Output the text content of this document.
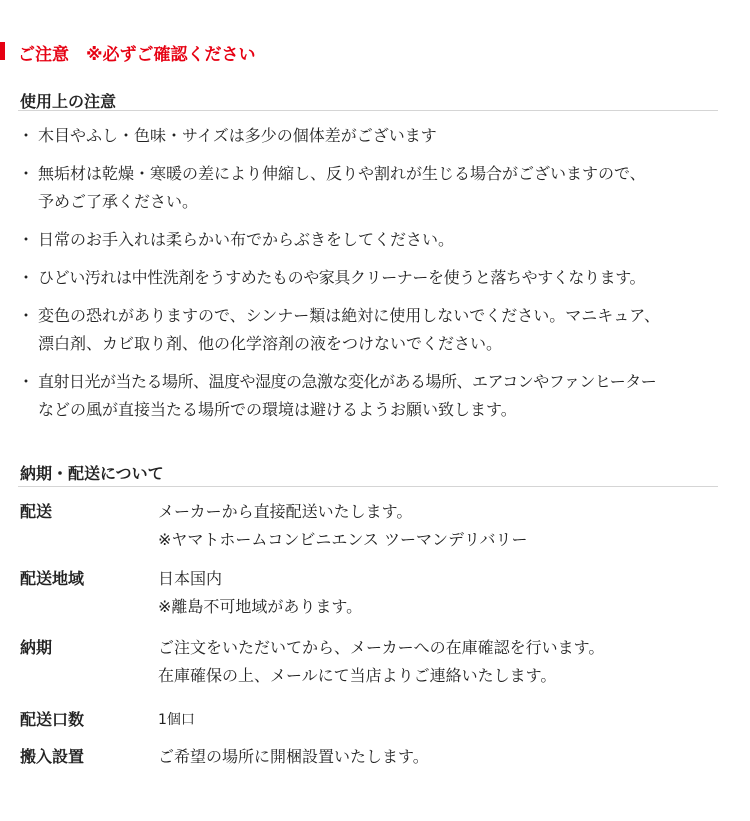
ご注意　※必ずご確認ください
使用上の注意
・ 木目やふし・色味・サイズは多少の個体差がございます
・ 無垢材は乾燥・寒暖の差により伸縮し、反りや割れが生じる場合がございますので、
予めご了承ください。
・ 日常のお手入れは柔らかい布でからぶきをしてください。
・ ひどい汚れは中性洗剤をうすめたものや家具クリーナーを使うと落ちやすくなります。
・ 変色の恐れがありますので、シンナー類は絶対に使用しないでください。マニキュア、
漂白剤、カビ取り剤、他の化学溶剤の液をつけないでください。
・ 直射日光が当たる場所、温度や湿度の急激な変化がある場所、エアコンやファンヒーター
などの風が直接当たる場所での環境は避けるようお願い致します。
納期・配送について
配送	メーカーから直接配送いたします。
※ヤマトホームコンビニエンス ツーマンデリバリー
配送地域	日本国内
※離島不可地域があります。
納期	ご注文をいただいてから、メーカーへの在庫確認を行います。
在庫確保の上、メールにて当店よりご連絡いたします。
配送口数	1個口
搬入設置	ご希望の場所に開梱設置いたします。
